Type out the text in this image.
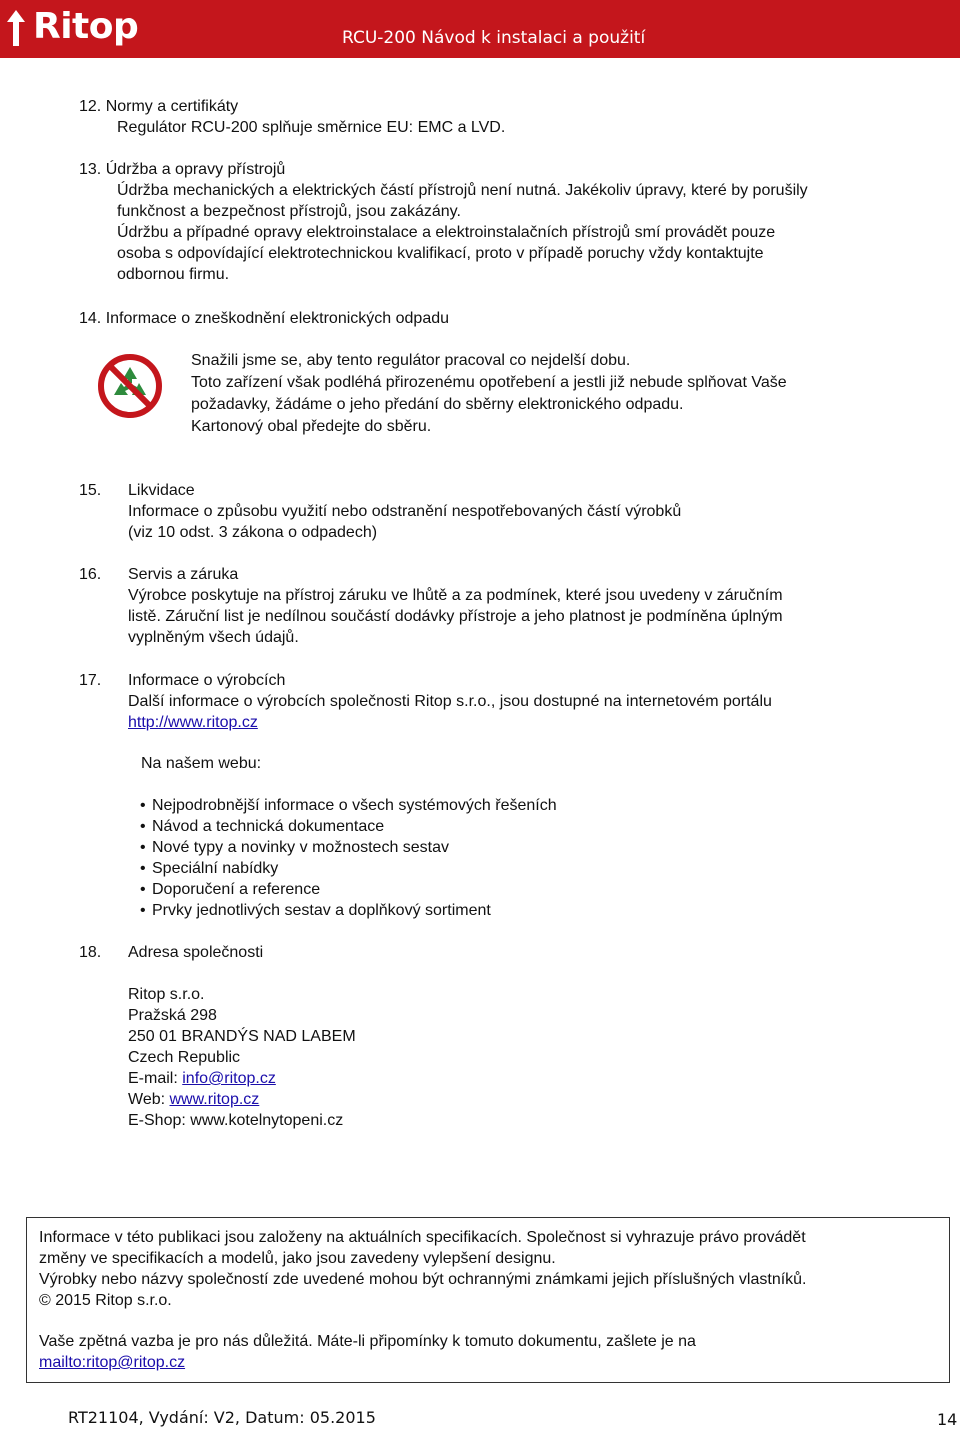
Ritop	RCU-200 Návod k instalaci a použití
12. Normy a certifikáty
Regulátor RCU-200 splňuje směrnice EU: EMC a LVD.
13. Údržba a opravy přístrojů
Údržba mechanických a elektrických částí přístrojů není nutná. Jakékoliv úpravy, které by porušily
funkčnost a bezpečnost přístrojů, jsou zakázány.
Údržbu a případné opravy elektroinstalace a elektroinstalačních přístrojů smí provádět pouze
osoba s odpovídající elektrotechnickou kvalifikací, proto v případě poruchy vždy kontaktujte
odbornou firmu.
14. Informace o zneškodnění elektronických odpadu
Snažili jsme se, aby tento regulátor pracoval co nejdelší dobu.
Toto zařízení však podléhá přirozenému opotřebení a jestli již nebude splňovat Vaše
požadavky, žádáme o jeho předání do sběrny elektronického odpadu.
Kartonový obal předejte do sběru.
15. Likvidace
Informace o způsobu využití nebo odstranění nespotřebovaných částí výrobků
(viz 10 odst. 3 zákona o odpadech)
16. Servis a záruka
Výrobce poskytuje na přístroj záruku ve lhůtě a za podmínek, které jsou uvedeny v záručním
listě. Záruční list je nedílnou součástí dodávky přístroje a jeho platnost je podmíněna úplným
vyplněným všech údajů.
17. Informace o výrobcích
Další informace o výrobcích společnosti Ritop s.r.o., jsou dostupné na internetovém portálu
http://www.ritop.cz
Na našem webu:
• Nejpodrobnější informace o všech systémových řešeních
• Návod a technická dokumentace
• Nové typy a novinky v možnostech sestav
• Speciální nabídky
• Doporučení a reference
• Prvky jednotlivých sestav a doplňkový sortiment
18. Adresa společnosti
Ritop s.r.o.
Pražská 298
250 01 BRANDÝS NAD LABEM
Czech Republic
E-mail: info@ritop.cz
Web: www.ritop.cz
E-Shop: www.kotelnytopeni.cz
Informace v této publikaci jsou založeny na aktuálních specifikacích. Společnost si vyhrazuje právo provádět
změny ve specifikacích a modelů, jako jsou zavedeny vylepšení designu.
Výrobky nebo názvy společností zde uvedené mohou být ochrannými známkami jejich příslušných vlastníků.
© 2015 Ritop s.r.o.
Vaše zpětná vazba je pro nás důležitá. Máte-li připomínky k tomuto dokumentu, zašlete je na
mailto:ritop@ritop.cz
RT21104, Vydání: V2, Datum: 05.2015	14
